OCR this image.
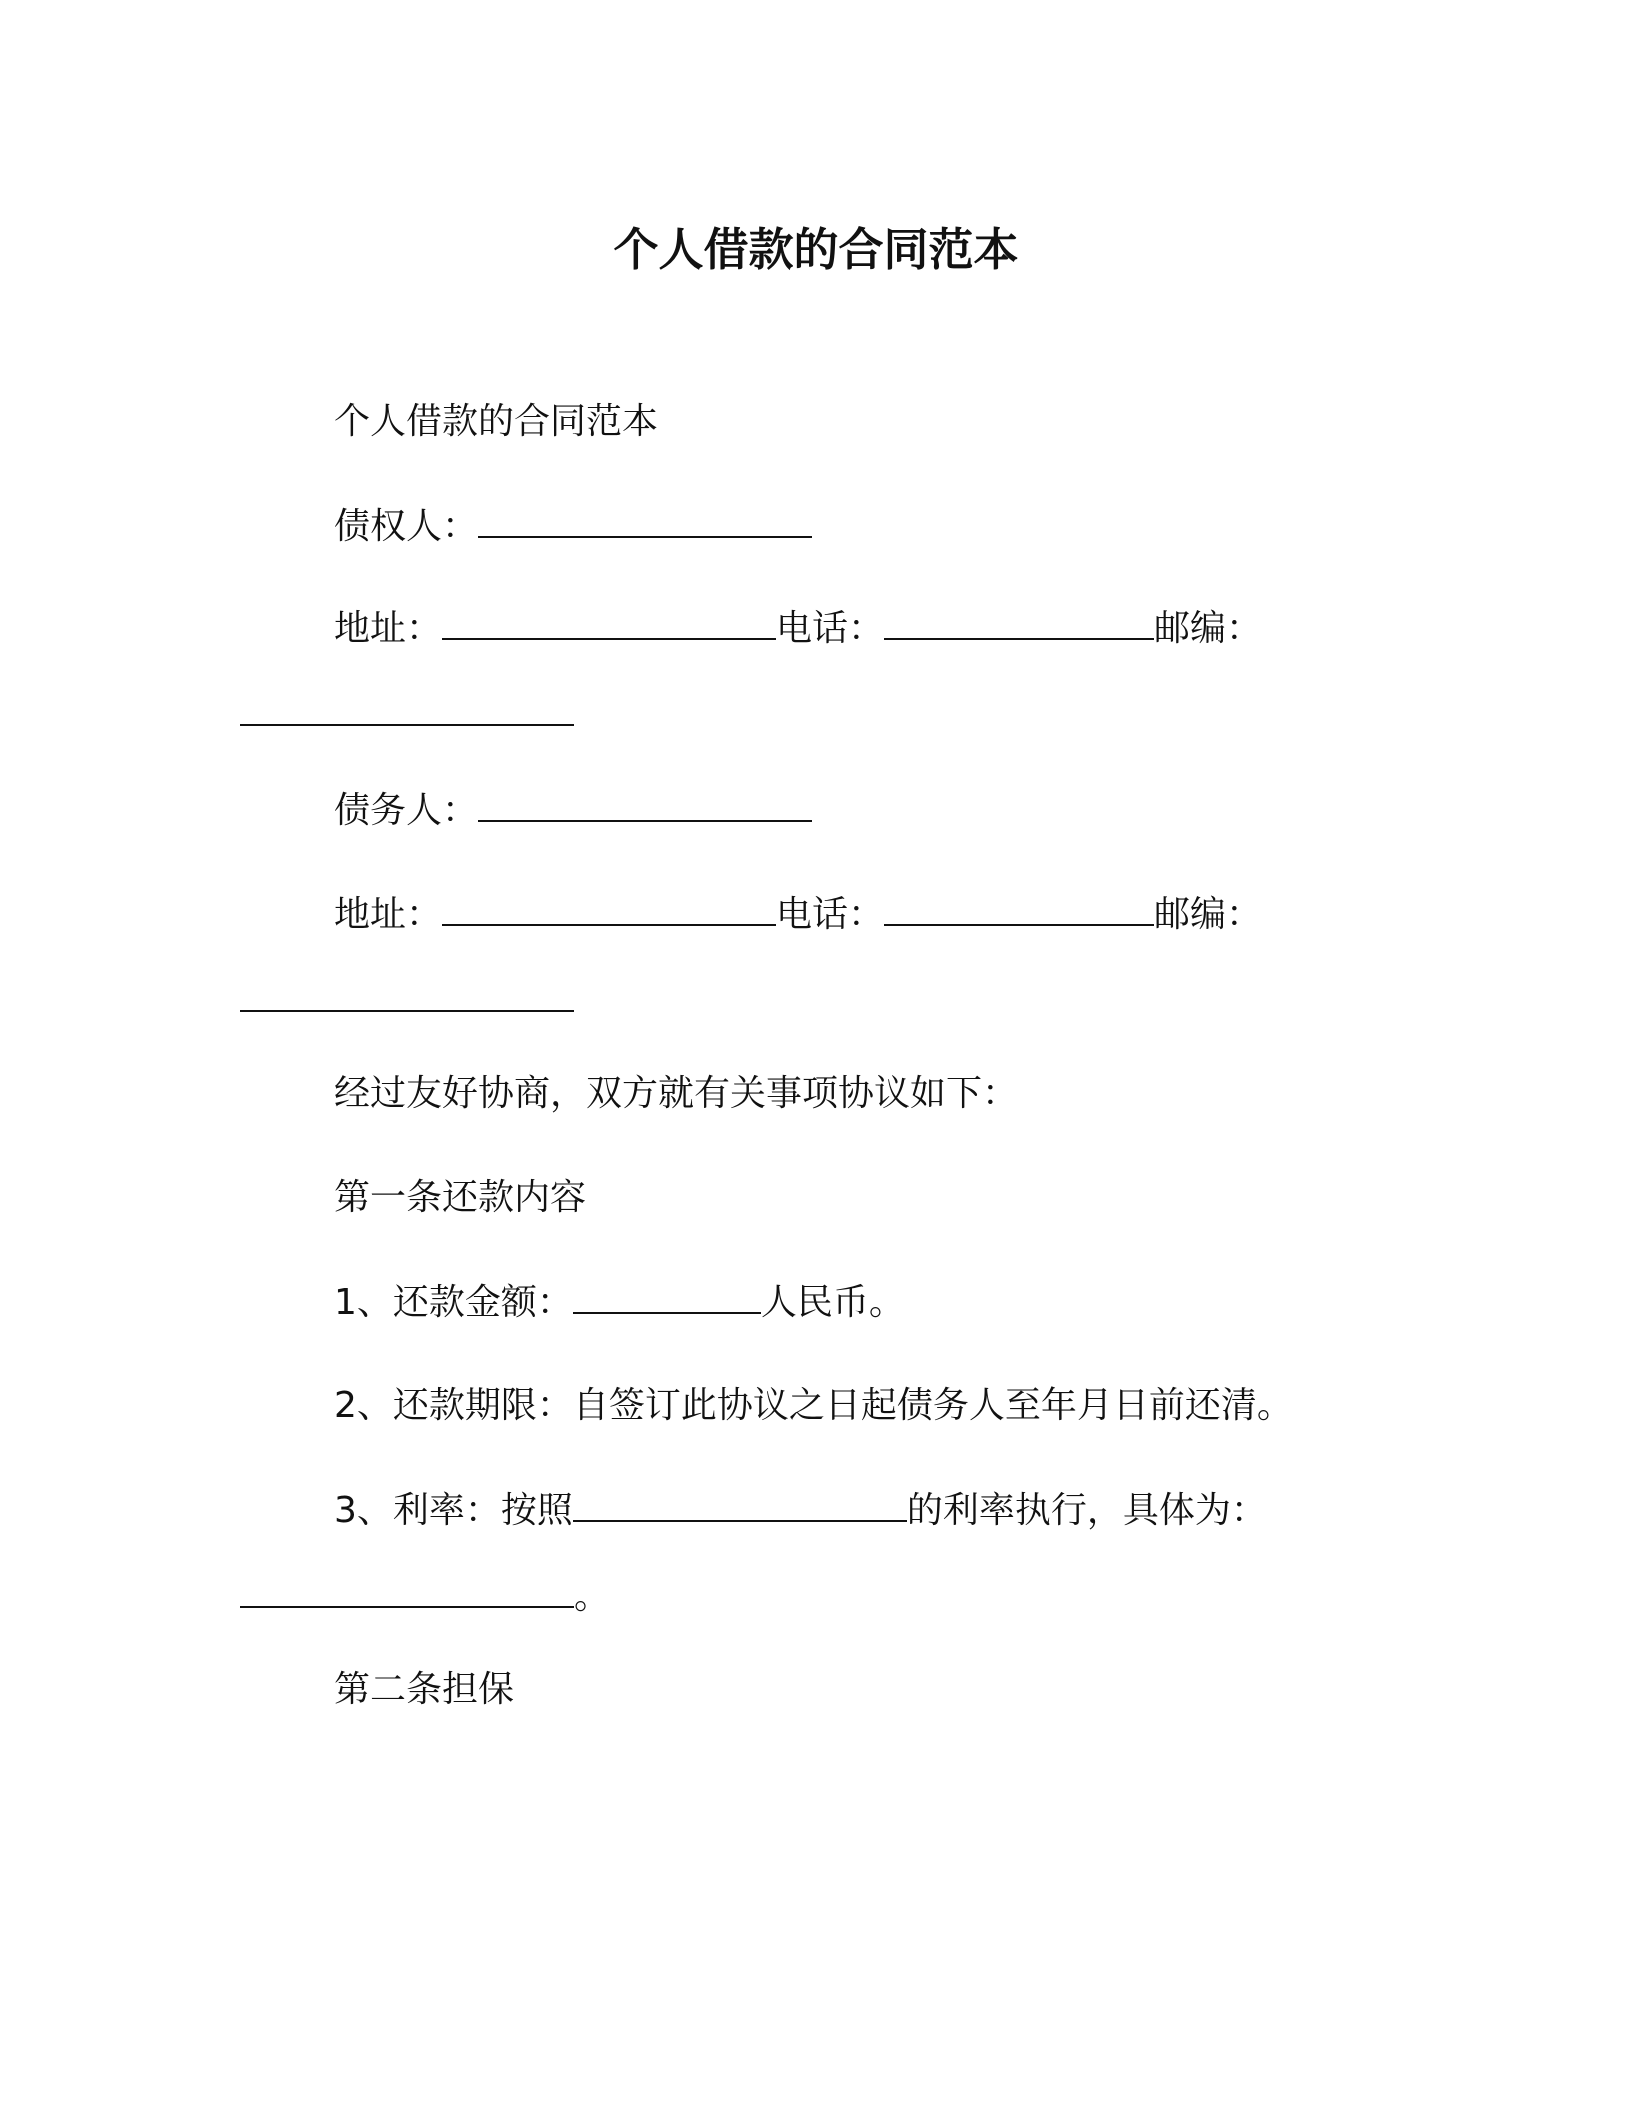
个人借款的合同范本
个人借款的合同范本
债权人：
地址：	电话：	邮编：
债务人：
地址：	电话：	邮编：
经过友好协商，双方就有关事项协议如下：
第一条还款内容
1、还款金额：	人民币。
2、还款期限：自签订此协议之日起债务人至年月日前还清。
3、利率：按照	的利率执行，具体为：
。
第二条担保
